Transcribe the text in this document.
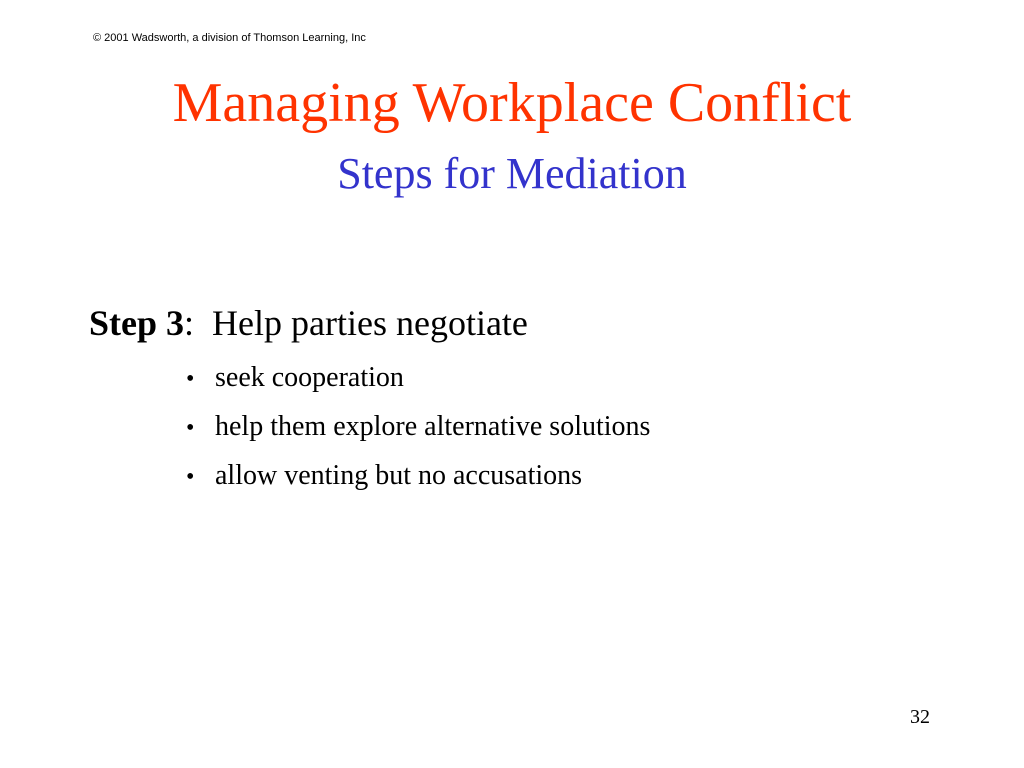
© 2001 Wadsworth, a division of Thomson Learning, Inc
Managing Workplace Conflict
Steps for Mediation
Step 3: Help parties negotiate
• seek cooperation
• help them explore alternative solutions
• allow venting but no accusations
32
